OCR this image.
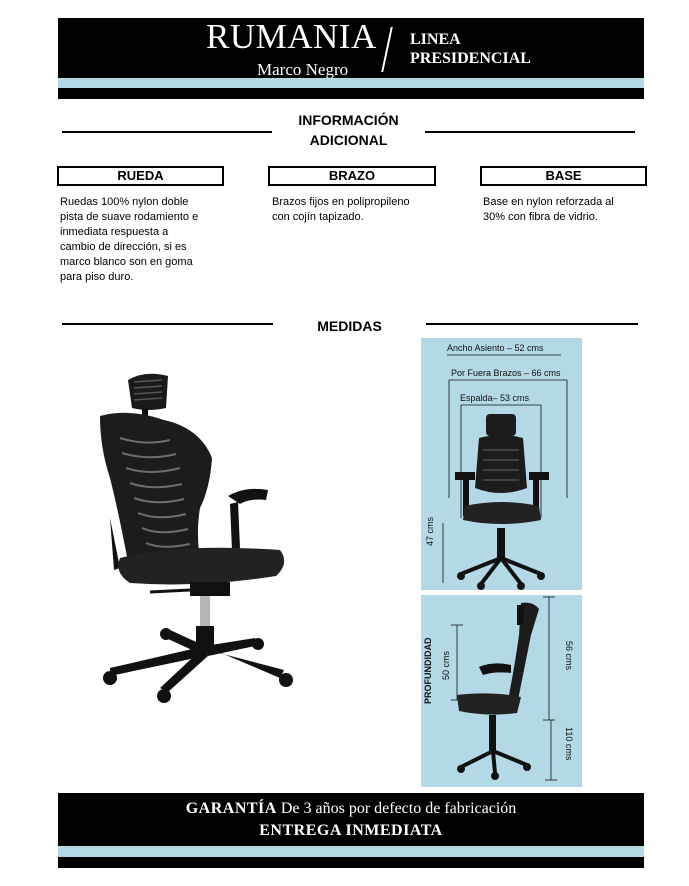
RUMANIA
Marco Negro
LINEA
PRESIDENCIAL
INFORMACIÓN
ADICIONAL
RUEDA	BRAZO	BASE
Ruedas 100% nylon doble
pista de suave rodamiento e
inmediata respuesta a
cambio de dirección, si es
marco blanco son en goma
para piso duro.
Brazos fijos en polipropileno
con cojín tapizado.
Base en nylon reforzada al
30% con fibra de vidrio.
MEDIDAS
Ancho Asiento – 52 cms
Por Fuera Brazos – 66 cms
Espalda– 53 cms
47 cms
PROFUNDIDAD 50 cms	56 cms
110 cms
GARANTÍA De 3 años por defecto de fabricación
ENTREGA INMEDIATA
